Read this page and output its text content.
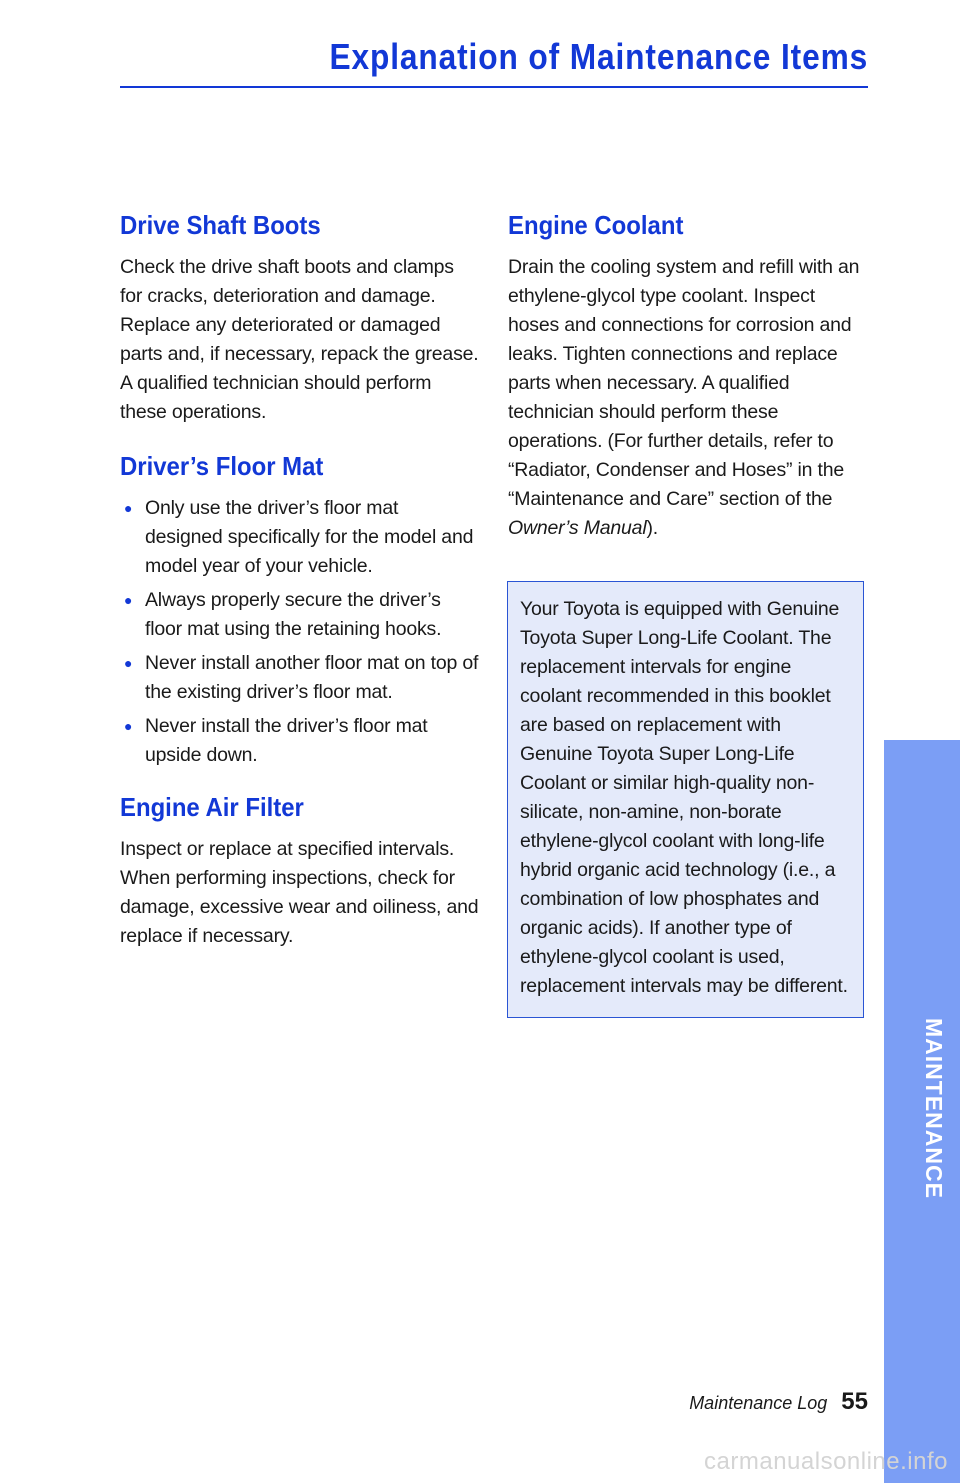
Explanation of Maintenance Items
Drive Shaft Boots

Check the drive shaft boots and clamps for cracks, deterioration and damage. Replace any deteriorated or damaged parts and, if necessary, repack the grease. A qualified technician should perform these operations.

Driver’s Floor Mat
● Only use the driver’s floor mat designed specifically for the model and model year of your vehicle.
● Always properly secure the driver’s floor mat using the retaining hooks.
● Never install another floor mat on top of the existing driver’s floor mat.
● Never install the driver’s floor mat upside down.
Engine Air Filter

Inspect or replace at specified intervals. When performing inspections, check for damage, excessive wear and oiliness, and replace if necessary.

Engine Coolant

Drain the cooling system and refill with an ethylene-glycol type coolant. Inspect hoses and connections for corrosion and leaks. Tighten connections and replace parts when necessary. A qualified technician should perform these operations. (For further details, refer to “Radiator, Condenser and Hoses” in the “Maintenance and Care” section of the
Owner’s Manual).

Your Toyota is equipped with Genuine Toyota Super Long-Life Coolant. The replacement intervals for engine coolant recommended in this booklet are based on replacement with Genuine Toyota Super Long-Life Coolant or similar high-quality non-silicate, non-amine, non-borate ethylene-glycol coolant with long-life hybrid organic acid technology (i.e., a combination of low phosphates and organic acids). If another type of ethylene-glycol coolant is used, replacement intervals may be different.
MAINTENANCE
Maintenance Log 55
carmanualsonline.info
